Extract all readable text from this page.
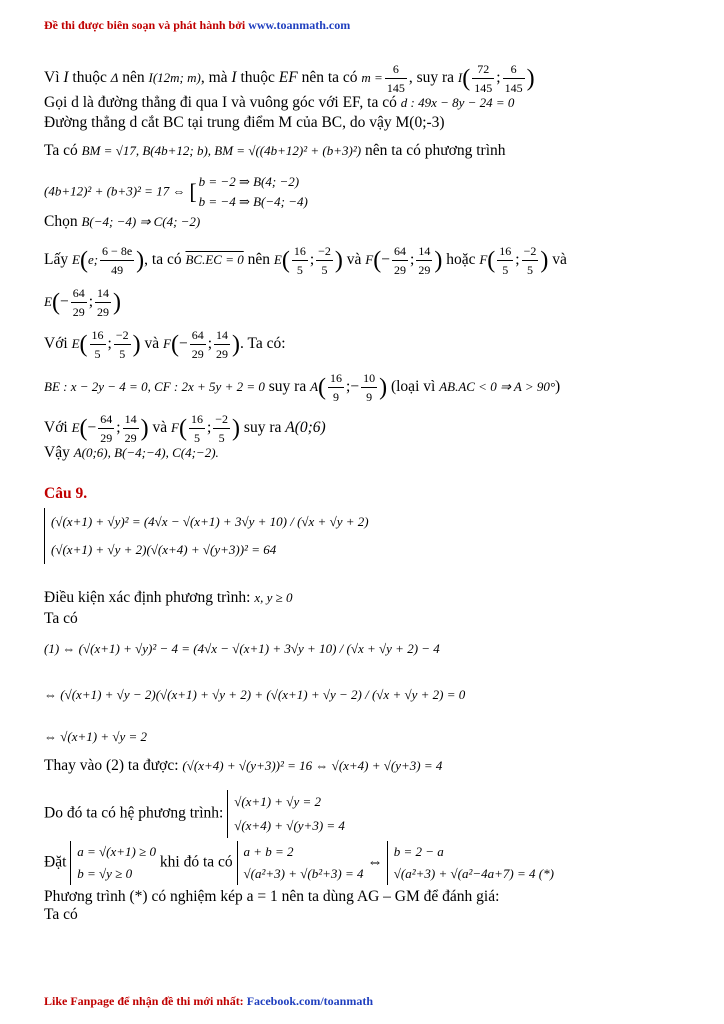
Đề thi được biên soạn và phát hành bởi www.toanmath.com
Vì I thuộc Δ nên I(12m; m), mà I thuộc EF nên ta có $m = \frac{6}{145}$ , suy ra $I( \frac{72}{145}$ ; $\frac{6}{145}$ )
Gọi d là đường thẳng đi qua I và vuông góc với EF, ta có d : 49x − 8y − 24 = 0
Đường thẳng d cắt BC tại trung điểm M của BC, do vậy M(0;-3)
Ta có BM = √17, B(4b+12; b), BM = √((4b+12)² + (b+3)²) nên ta có phương trình
(4b+12)² + (b+3)² = 17 ⇔ [ b = −2 ⇒ B(4; −2)
b = −4 ⇒ B(−4; −4)
Chọn B(−4; −4) ⇒ C(4; −2)
Lấy E(e; $\frac{6 - 8e}{49}$ ), ta có BC.EC = 0 nên $E( \frac{16}{5}$ ; $\frac{-2}{5}$ ) và $F(- \frac{64}{29}$ ; $\frac{14}{29}$ ) hoặc $F( \frac{16}{5}$ ; $\frac{-2}{5}$ ) và
$E(- \frac{64}{29}$ ; $\frac{14}{29}$ )
Với $E( \frac{16}{5}$ ; $\frac{-2}{5}$ ) và $F(- \frac{64}{29}$ ; $\frac{14}{29}$ ). Ta có:
BE : x − 2y − 4 = 0, CF : 2x + 5y + 2 = 0 suy ra $A( \frac{16}{9}$ ;− $\frac{10}{9}$ ) (loại vì AB.AC < 0 ⇒ A > 90°)
Với $E(- \frac{64}{29}$ ; $\frac{14}{29}$ ) và $F( \frac{16}{5}$ ; $\frac{-2}{5}$ ) suy ra A(0;6)
Vậy A(0;6), B(−4;−4), C(4;−2).
Câu 9.
(√(x+1) + √y)² = (4√x − √(x+1) + 3√y + 10) / (√x + √y + 2)
(√(x+1) + √y + 2)(√(x+4) + √(y+3))² = 64
Điều kiện xác định phương trình: x, y ≥ 0
Ta có
(1) ⇔ (√(x+1) + √y)² − 4 = (4√x − √(x+1) + 3√y + 10) / (√x + √y + 2) − 4
⇔ (√(x+1) + √y − 2)(√(x+1) + √y + 2) + (√(x+1) + √y − 2) / (√x + √y + 2) = 0
⇔ √(x+1) + √y = 2
Thay vào (2) ta được: (√(x+4) + √(y+3))² = 16 ⇔ √(x+4) + √(y+3) = 4
Do đó ta có hệ phương trình: √(x+1) + √y = 2
√(x+4) + √(y+3) = 4
Đặt a = √(x+1) ≥ 0
b = √y ≥ 0 khi đó ta có a + b = 2
√(a²+3) + √(b²+3) = 4 ⇔ b = 2 − a
√(a²+3) + √(a²−4a+7) = 4 (*)
Phương trình (*) có nghiệm kép a = 1 nên ta dùng AG – GM để đánh giá:
Ta có
Like Fanpage để nhận đề thi mới nhất: Facebook.com/toanmath
